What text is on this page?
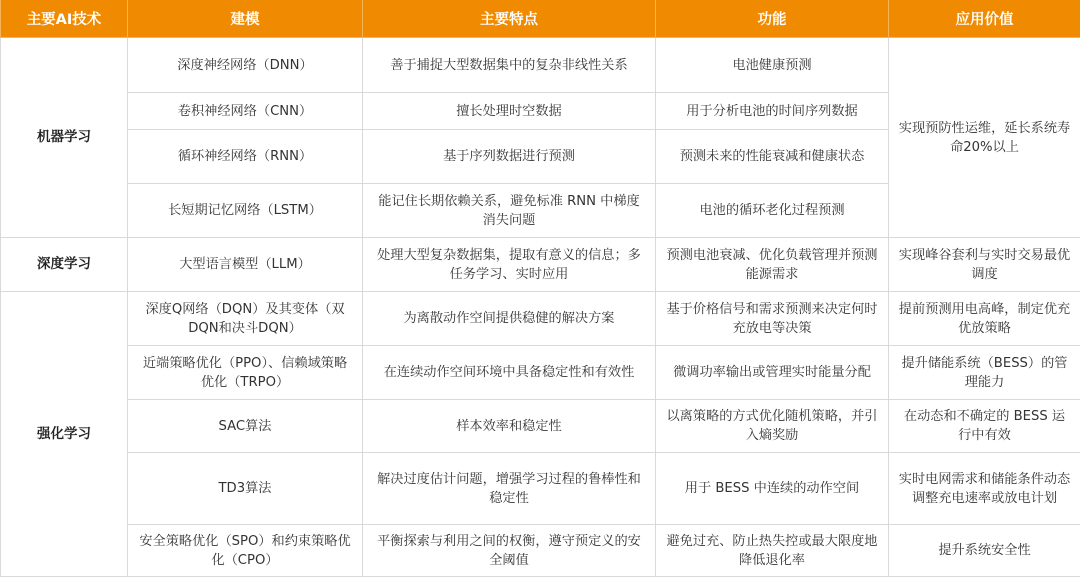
主要AI技术	建模	主要特点	功能	应用价值
机器学习	深度神经网络（DNN）	善于捕捉大型数据集中的复杂非线性关系	电池健康预测	实现预防性运维，延长系统寿命20%以上
	卷积神经网络（CNN）	擅长处理时空数据	用于分析电池的时间序列数据	
	循环神经网络（RNN）	基于序列数据进行预测	预测未来的性能衰减和健康状态	
	长短期记忆网络（LSTM）	能记住长期依赖关系，避免标准 RNN 中梯度消失问题	电池的循环老化过程预测	
深度学习	大型语言模型（LLM）	处理大型复杂数据集，提取有意义的信息；多任务学习、实时应用	预测电池衰减、优化负载管理并预测能源需求	实现峰谷套利与实时交易最优调度
强化学习	深度Q网络（DQN）及其变体（双DQN和决斗DQN）	为离散动作空间提供稳健的解决方案	基于价格信号和需求预测来决定何时充放电等决策	提前预测用电高峰，制定优充优放策略
	近端策略优化（PPO）、信赖域策略优化（TRPO）	在连续动作空间环境中具备稳定性和有效性	微调功率输出或管理实时能量分配	提升储能系统（BESS）的管理能力
	SAC算法	样本效率和稳定性	以离策略的方式优化随机策略，并引入熵奖励	在动态和不确定的 BESS 运行中有效
	TD3算法	解决过度估计问题，增强学习过程的鲁棒性和稳定性	用于 BESS 中连续的动作空间	实时电网需求和储能条件动态调整充电速率或放电计划
	安全策略优化（SPO）和约束策略优化（CPO）	平衡探索与利用之间的权衡，遵守预定义的安全阈值	避免过充、防止热失控或最大限度地降低退化率	提升系统安全性
